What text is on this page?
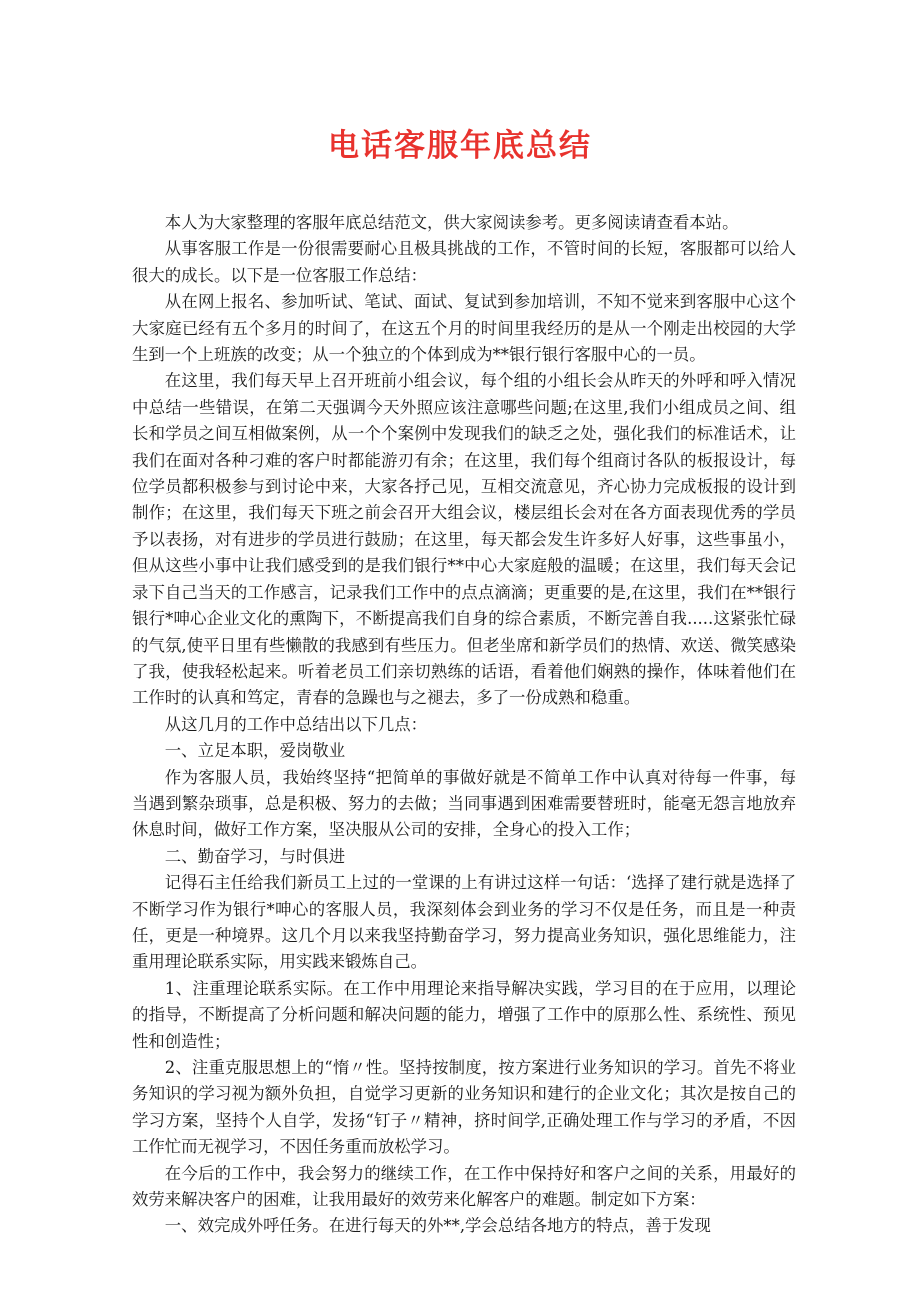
电话客服年底总结

本人为大家整理的客服年底总结范文，供大家阅读参考。更多阅读请查看本站。

从事客服工作是一份很需要耐心且极具挑战的工作，不管时间的长短，客服都可以给人很大的成长。以下是一位客服工作总结：

从在网上报名、参加听试、笔试、面试、复试到参加培训，不知不觉来到客服中心这个大家庭已经有五个多月的时间了，在这五个月的时间里我经历的是从一个刚走出校园的大学生到一个上班族的改变；从一个独立的个体到成为**银行银行客服中心的一员。

在这里，我们每天早上召开班前小组会议，每个组的小组长会从昨天的外呼和呼入情况中总结一些错误，在第二天强调今天外照应该注意哪些问题;在这里,我们小组成员之间、组长和学员之间互相做案例，从一个个案例中发现我们的缺乏之处，强化我们的标准话术，让我们在面对各种刁难的客户时都能游刃有余；在这里，我们每个组商讨各队的板报设计，每位学员都积极参与到讨论中来，大家各抒己见，互相交流意见，齐心协力完成板报的设计到制作；在这里，我们每天下班之前会召开大组会议，楼层组长会对在各方面表现优秀的学员予以表扬，对有进步的学员进行鼓励；在这里，每天都会发生许多好人好事，这些事虽小，但从这些小事中让我们感受到的是我们银行**中心大家庭般的温暖；在这里，我们每天会记录下自己当天的工作感言，记录我们工作中的点点滴滴；更重要的是,在这里，我们在**银行银行*呻心企业文化的熏陶下，不断提高我们自身的综合素质，不断完善自我.....这紧张忙碌的气氛,使平日里有些懒散的我感到有些压力。但老坐席和新学员们的热情、欢送、微笑感染了我，使我轻松起来。听着老员工们亲切熟练的话语，看着他们娴熟的操作，体味着他们在工作时的认真和笃定，青春的急躁也与之褪去，多了一份成熟和稳重。

从这几月的工作中总结出以下几点：

一、立足本职，爱岗敬业

作为客服人员，我始终坚持“把简单的事做好就是不简单工作中认真对待每一件事，每当遇到繁杂琐事，总是积极、努力的去做；当同事遇到困难需要替班时，能毫无怨言地放弃休息时间，做好工作方案，坚决服从公司的安排，全身心的投入工作；

二、勤奋学习，与时俱进

记得石主任给我们新员工上过的一堂课的上有讲过这样一句话：‘选择了建行就是选择了不断学习作为银行*呻心的客服人员，我深刻体会到业务的学习不仅是任务，而且是一种责任，更是一种境界。这几个月以来我坚持勤奋学习，努力提高业务知识，强化思维能力，注重用理论联系实际，用实践来锻炼自己。

1、注重理论联系实际。在工作中用理论来指导解决实践，学习目的在于应用，以理论的指导，不断提高了分析问题和解决问题的能力，增强了工作中的原那么性、系统性、预见性和创造性；

2、注重克服思想上的“惰〃性。坚持按制度，按方案进行业务知识的学习。首先不将业务知识的学习视为额外负担，自觉学习更新的业务知识和建行的企业文化；其次是按自己的学习方案，坚持个人自学，发扬“钉子〃精神，挤时间学,正确处理工作与学习的矛盾，不因工作忙而无视学习，不因任务重而放松学习。

在今后的工作中，我会努力的继续工作，在工作中保持好和客户之间的关系，用最好的效劳来解决客户的困难，让我用最好的效劳来化解客户的难题。制定如下方案：

一、效完成外呼任务。在进行每天的外**,学会总结各地方的特点，善于发现
